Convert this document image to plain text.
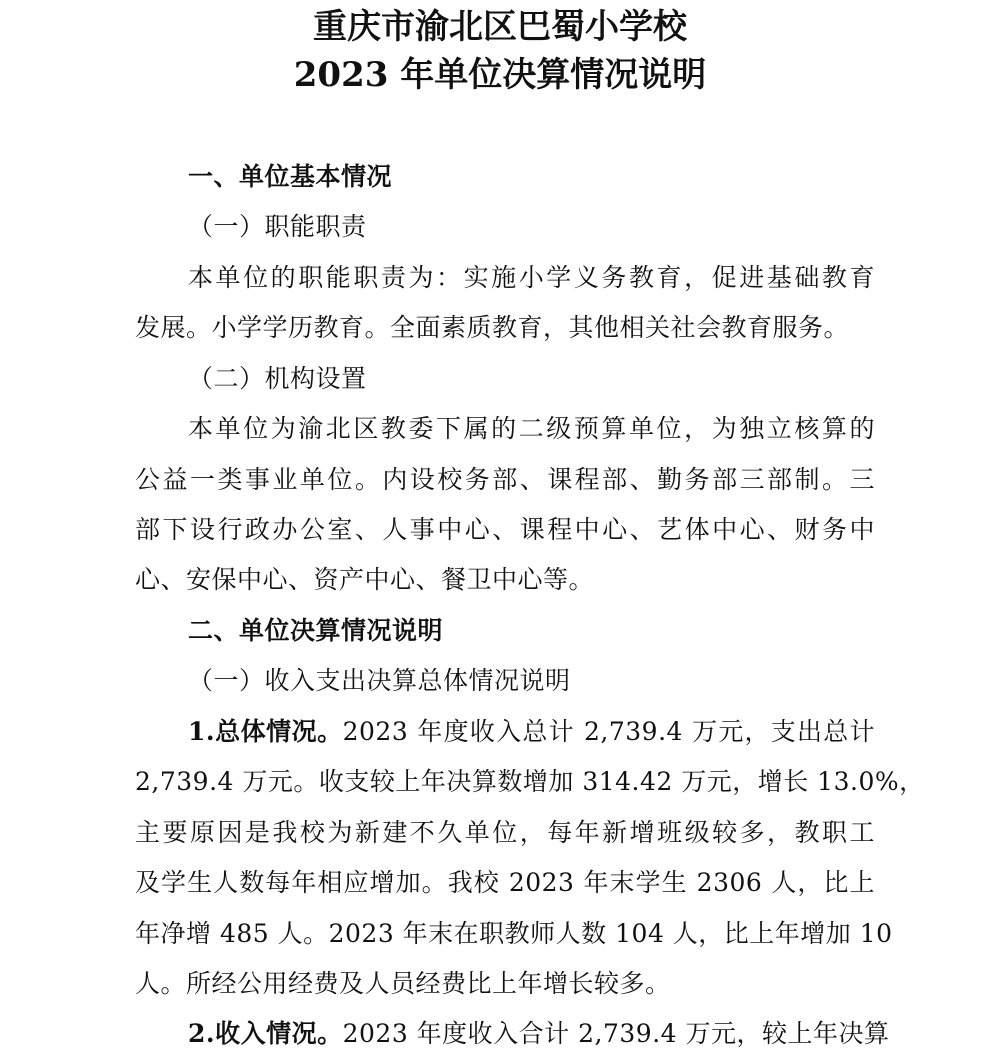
重庆市渝北区巴蜀小学校
2023 年单位决算情况说明
一、单位基本情况
（一）职能职责
本单位的职能职责为：实施小学义务教育，促进基础教育
发展。小学学历教育。全面素质教育，其他相关社会教育服务。
（二）机构设置
本单位为渝北区教委下属的二级预算单位，为独立核算的
公益一类事业单位。内设校务部、课程部、勤务部三部制。三
部下设行政办公室、人事中心、课程中心、艺体中心、财务中
心、安保中心、资产中心、餐卫中心等。
二、单位决算情况说明
（一）收入支出决算总体情况说明
1.总体情况。 2023 年度收入总计 2,739.4 万元，支出总计
2,739.4 万元。收支较上年决算数增加 314.42 万元，增长 13.0%，
主要原因是我校为新建不久单位，每年新增班级较多，教职工
及学生人数每年相应增加。我校 2023 年末学生 2306 人，比上
年净增 485 人。2023 年末在职教师人数 104 人，比上年增加 10
人。所经公用经费及人员经费比上年增长较多。
2.收入情况。 2023 年度收入合计 2,739.4 万元，较上年决算
